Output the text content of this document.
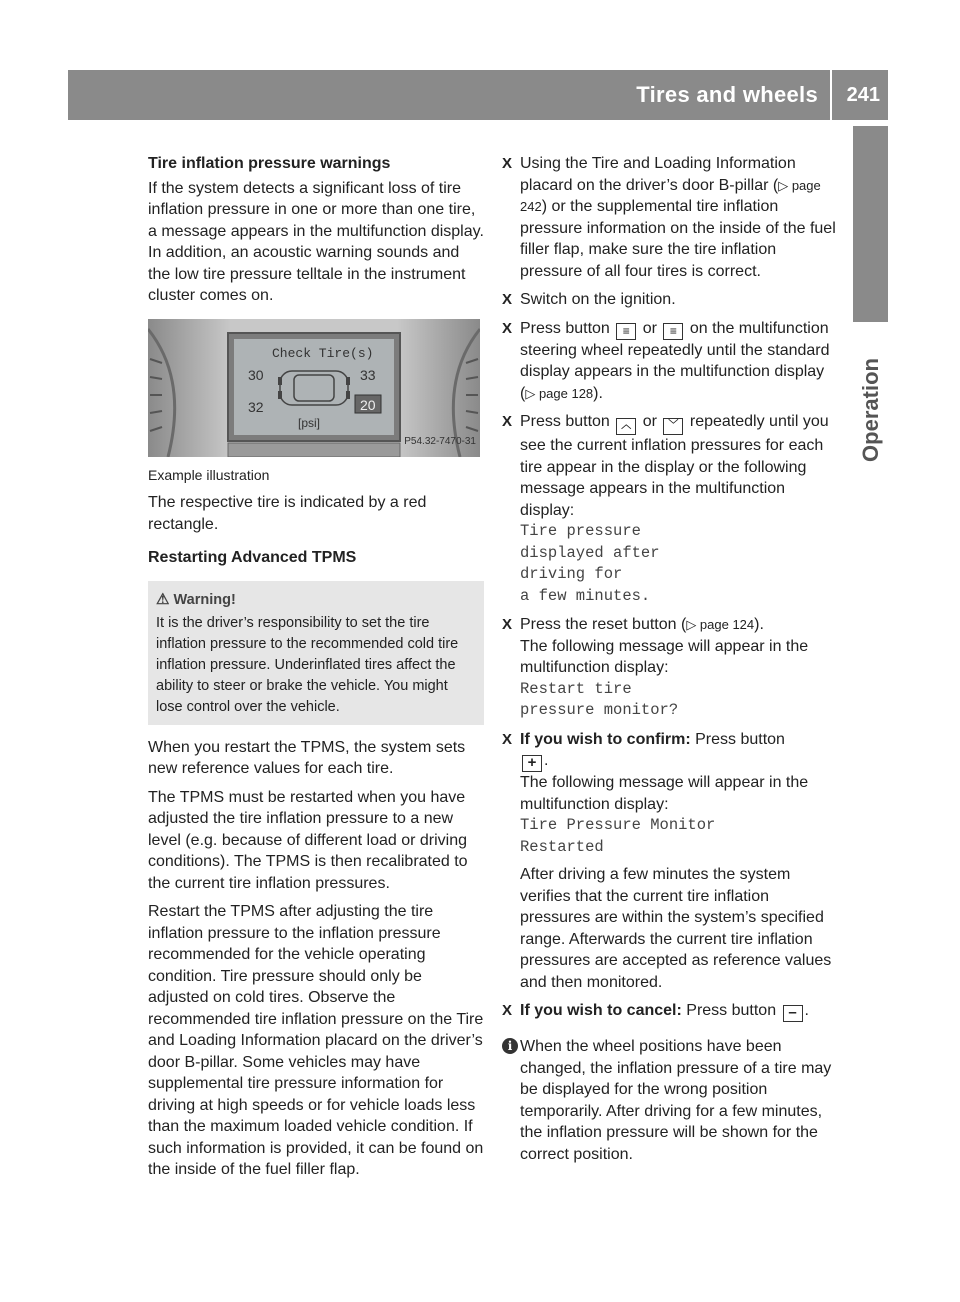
Tires and wheels 241
Operation

Tire inflation pressure warnings

If the system detects a significant loss of tire inflation pressure in one or more than one tire, a message appears in the multifunction display. In addition, an acoustic warning sounds and the low tire pressure telltale in the instrument cluster comes on.

Check Tire(s)
30	33
32	20
[psi]
P54.32-7470-31

Example illustration

The respective tire is indicated by a red rectangle.

Restarting Advanced TPMS

⚠ Warning!
It is the driver’s responsibility to set the tire inflation pressure to the recommended cold tire inflation pressure. Underinflated tires affect the ability to steer or brake the vehicle. You might lose control over the vehicle.

When you restart the TPMS, the system sets new reference values for each tire.

The TPMS must be restarted when you have adjusted the tire inflation pressure to a new level (e.g. because of different load or driving conditions). The TPMS is then recalibrated to the current tire inflation pressures.

Restart the TPMS after adjusting the tire inflation pressure to the inflation pressure recommended for the vehicle operating condition. Tire pressure should only be adjusted on cold tires. Observe the recommended tire inflation pressure on the Tire and Loading Information placard on the driver’s door B-pillar. Some vehicles may have supplemental tire pressure information for driving at high speeds or for vehicle loads less than the maximum loaded vehicle condition. If such information is provided, it can be found on the inside of the fuel filler flap.

X Using the Tire and Loading Information placard on the driver’s door B-pillar (▷ page 242) or the supplemental tire inflation pressure information on the inside of the fuel filler flap, make sure the tire inflation pressure of all four tires is correct.
X Switch on the ignition.
X Press button ≡ or ≡ on the multifunction steering wheel repeatedly until the standard display appears in the multifunction display (▷ page 128).
X Press button ︿ or ﹀ repeatedly until you see the current inflation pressures for each tire appear in the display or the following message appears in the multifunction display:
Tire pressure
displayed after
driving for
a few minutes.
X Press the reset button (▷ page 124).
The following message will appear in the multifunction display:
Restart tire
pressure monitor?
X If you wish to confirm: Press button
+ .
The following message will appear in the multifunction display:
Tire Pressure Monitor
Restarted
After driving a few minutes the system verifies that the current tire inflation pressures are within the system’s specified range. Afterwards the current tire inflation pressures are accepted as reference values and then monitored.
X If you wish to cancel: Press button – .
i When the wheel positions have been changed, the inflation pressure of a tire may be displayed for the wrong position temporarily. After driving for a few minutes, the inflation pressure will be shown for the correct position.
